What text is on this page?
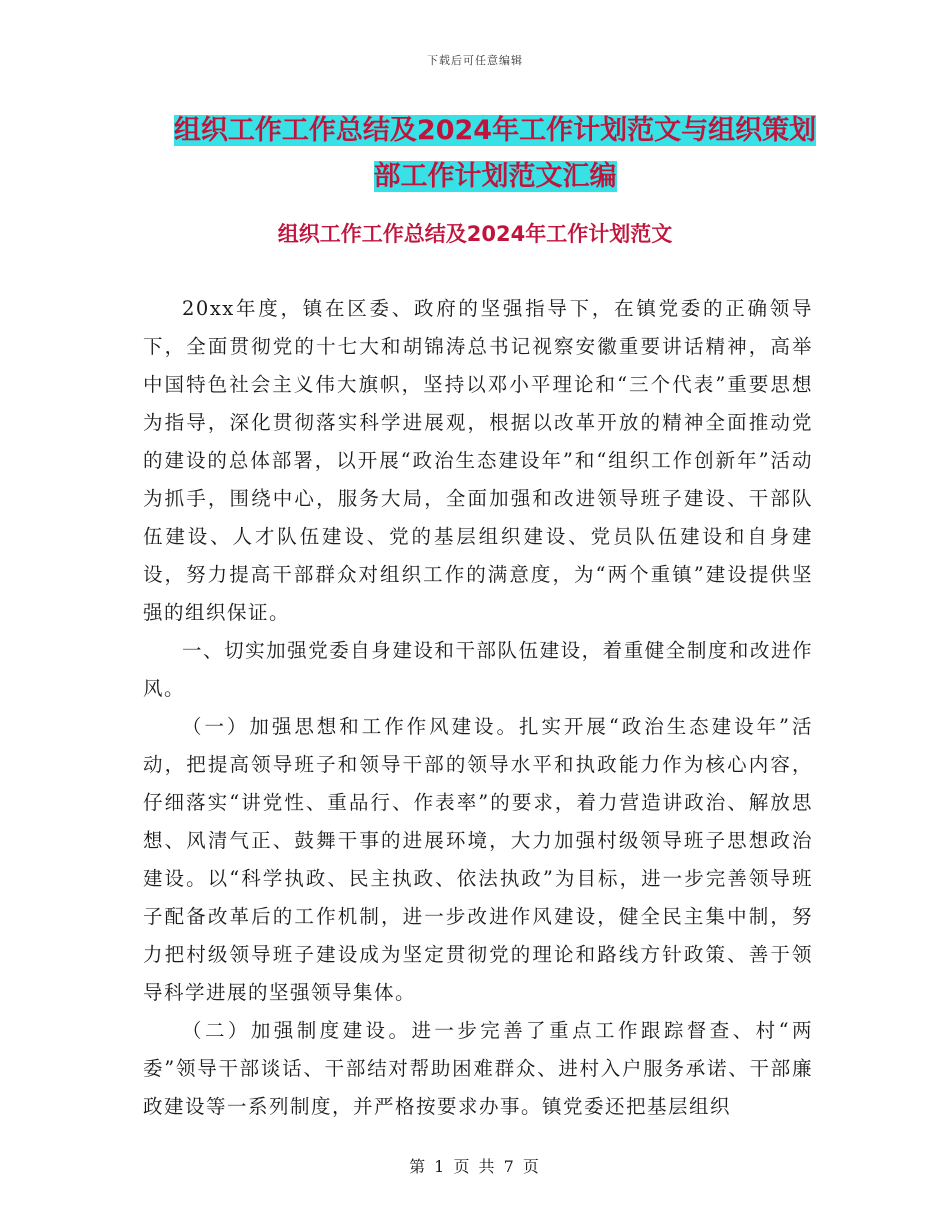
下载后可任意编辑
组织工作工作总结及2024年工作计划范文与组织策划
部工作计划范文汇编
组织工作工作总结及2024年工作计划范文

20xx年度，镇在区委、政府的坚强指导下，在镇党委的正确领导下，全面贯彻党的十七大和胡锦涛总书记视察安徽重要讲话精神，高举中国特色社会主义伟大旗帜，坚持以邓小平理论和“三个代表”重要思想为指导，深化贯彻落实科学进展观，根据以改革开放的精神全面推动党的建设的总体部署，以开展“政治生态建设年”和“组织工作创新年”活动为抓手，围绕中心，服务大局，全面加强和改进领导班子建设、干部队伍建设、人才队伍建设、党的基层组织建设、党员队伍建设和自身建设，努力提高干部群众对组织工作的满意度，为“两个重镇”建设提供坚强的组织保证。

一、切实加强党委自身建设和干部队伍建设，着重健全制度和改进作风。

（一）加强思想和工作作风建设。扎实开展“政治生态建设年”活动，把提高领导班子和领导干部的领导水平和执政能力作为核心内容，仔细落实“讲党性、重品行、作表率”的要求，着力营造讲政治、解放思想、风清气正、鼓舞干事的进展环境，大力加强村级领导班子思想政治建设。以“科学执政、民主执政、依法执政”为目标，进一步完善领导班子配备改革后的工作机制，进一步改进作风建设，健全民主集中制，努力把村级领导班子建设成为坚定贯彻党的理论和路线方针政策、善于领导科学进展的坚强领导集体。

（二）加强制度建设。进一步完善了重点工作跟踪督查、村“两委”领导干部谈话、干部结对帮助困难群众、进村入户服务承诺、干部廉政建设等一系列制度，并严格按要求办事。镇党委还把基层组织

第 1 页 共 7 页
